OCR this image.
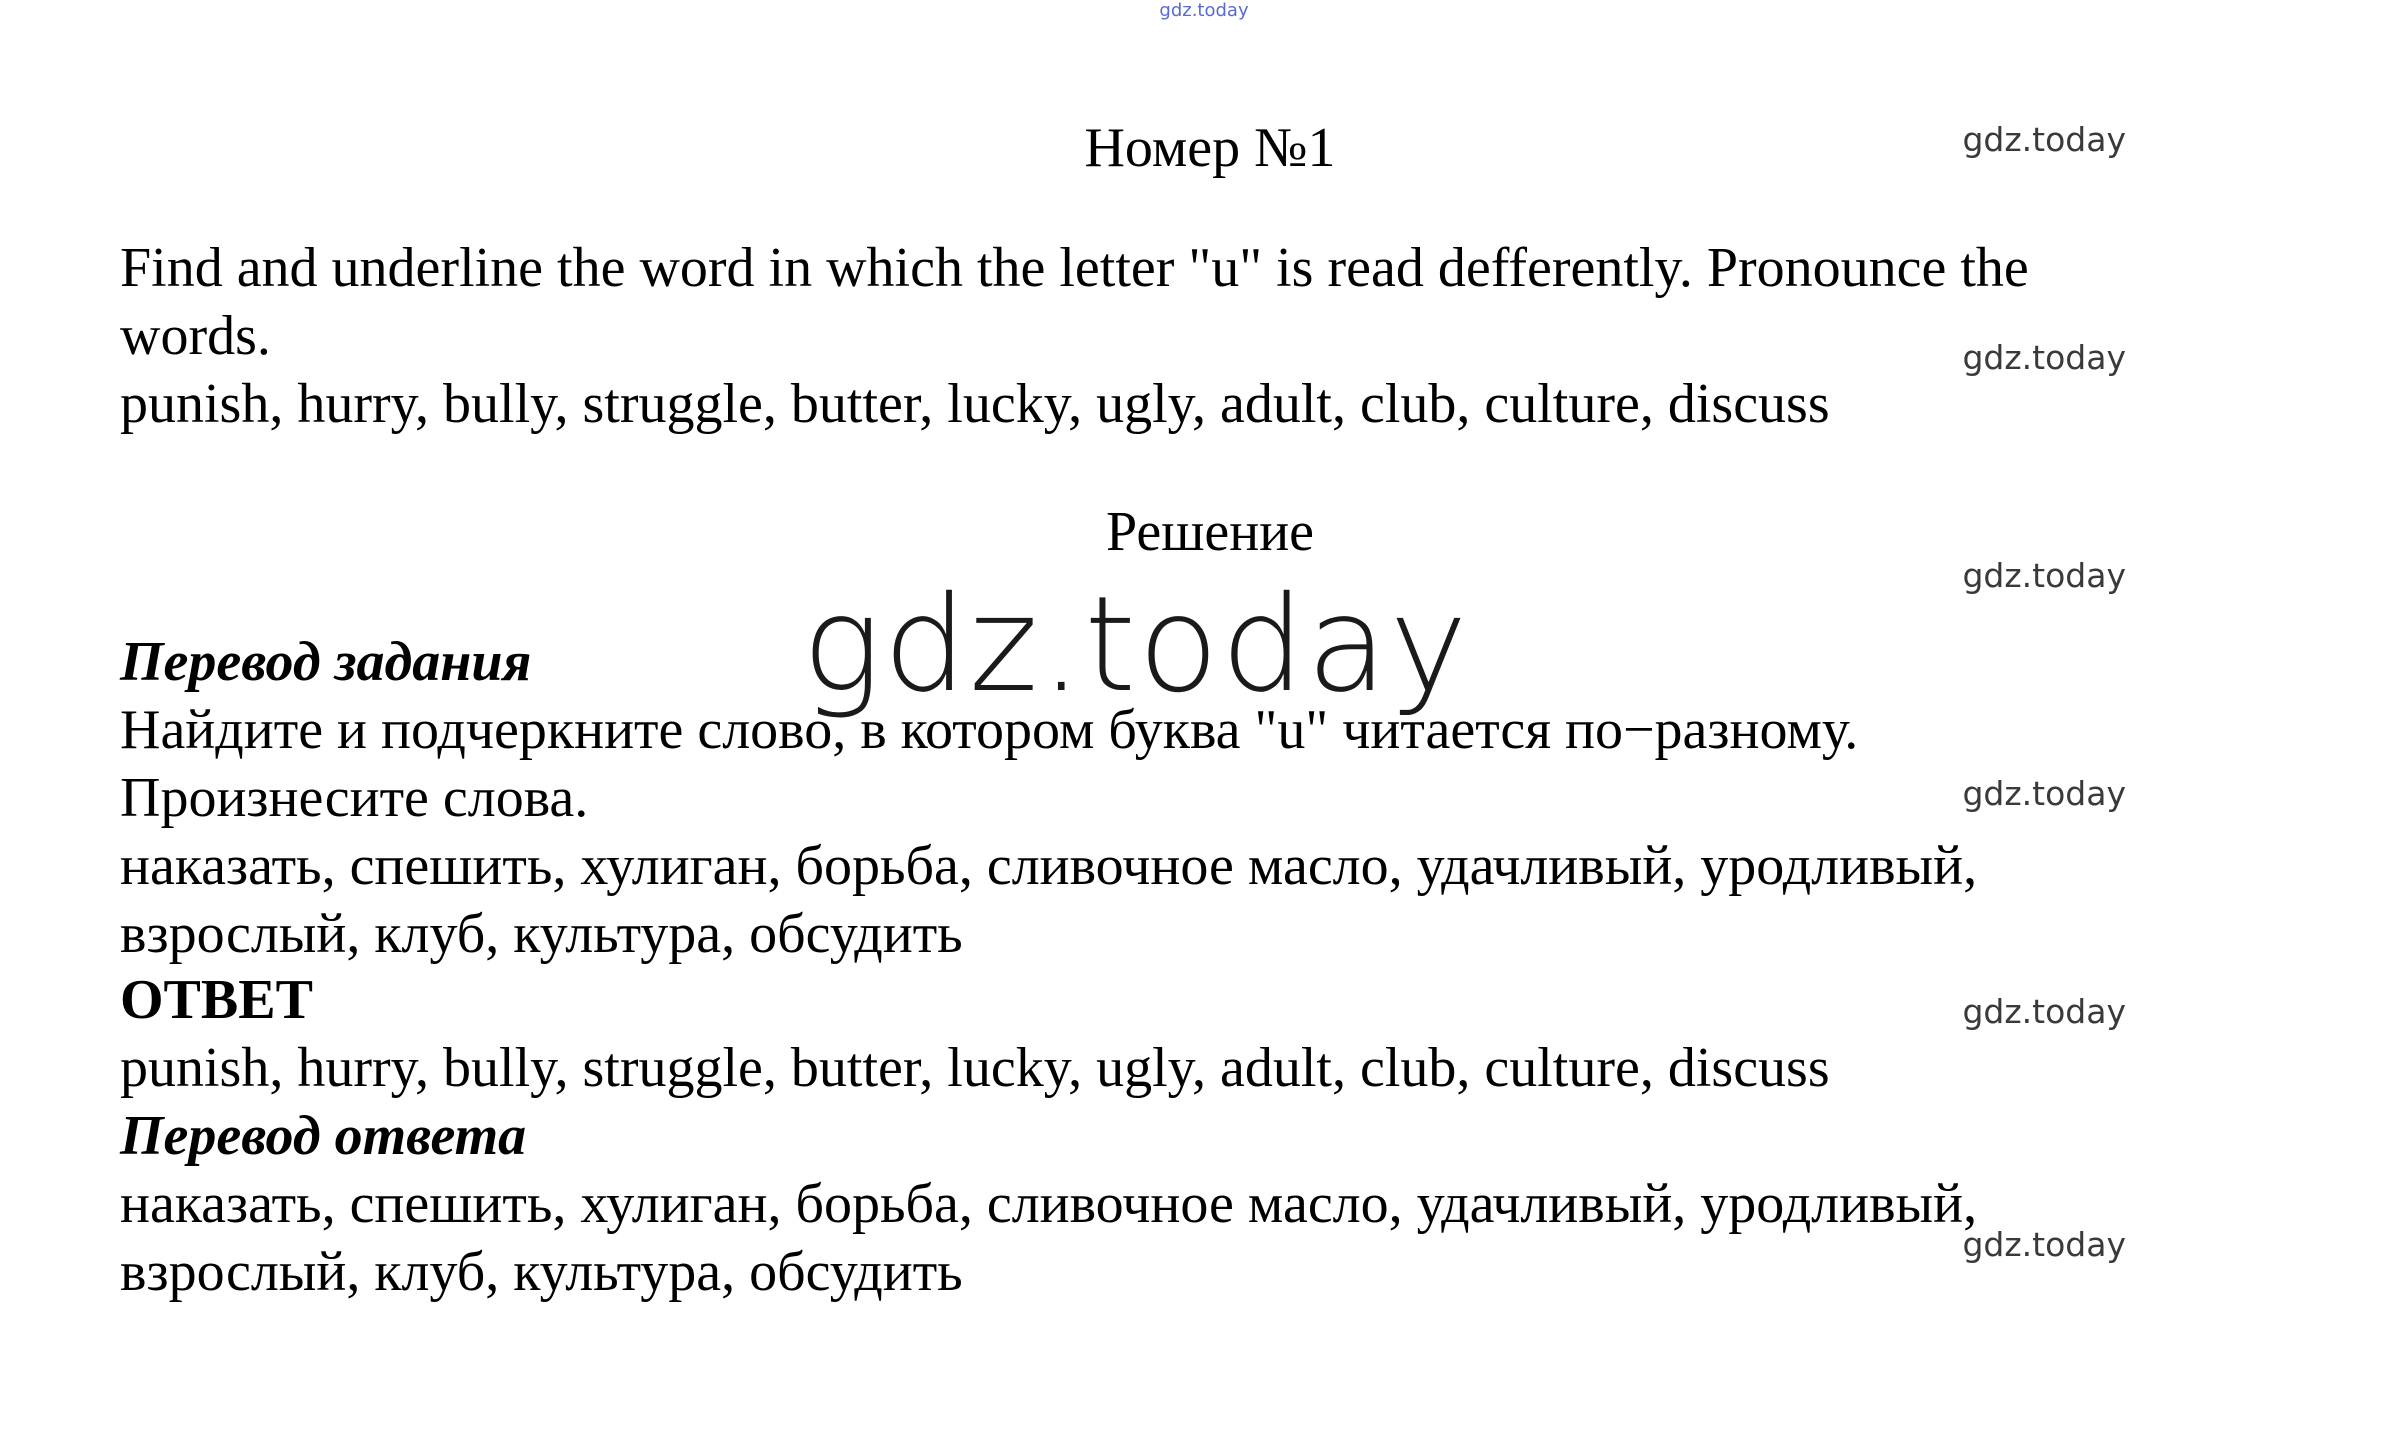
gdz.today
Номер №1	gdz.today
gdz.today
gdz.today
gdz.today
gdz.today
gdz.today

Find and underline the word in which the letter "u" is read defferently. Pronounce the

words.

punish, hurry, bully, struggle, butter, lucky, ugly, adult, club, culture, discuss

Решение
gdz.today
Перевод задания

Найдите и подчеркните слово, в котором буква "u" читается по−разному.

Произнесите слова.

наказать, спешить, хулиган, борьба, сливочное масло, удачливый, уродливый,

взрослый, клуб, культура, обсудить

ОТВЕТ

punish, hurry, bully, struggle, butter, lucky, ugly, adult, club, culture, discuss

Перевод ответа

наказать, спешить, хулиган, борьба, сливочное масло, удачливый, уродливый,

взрослый, клуб, культура, обсудить
